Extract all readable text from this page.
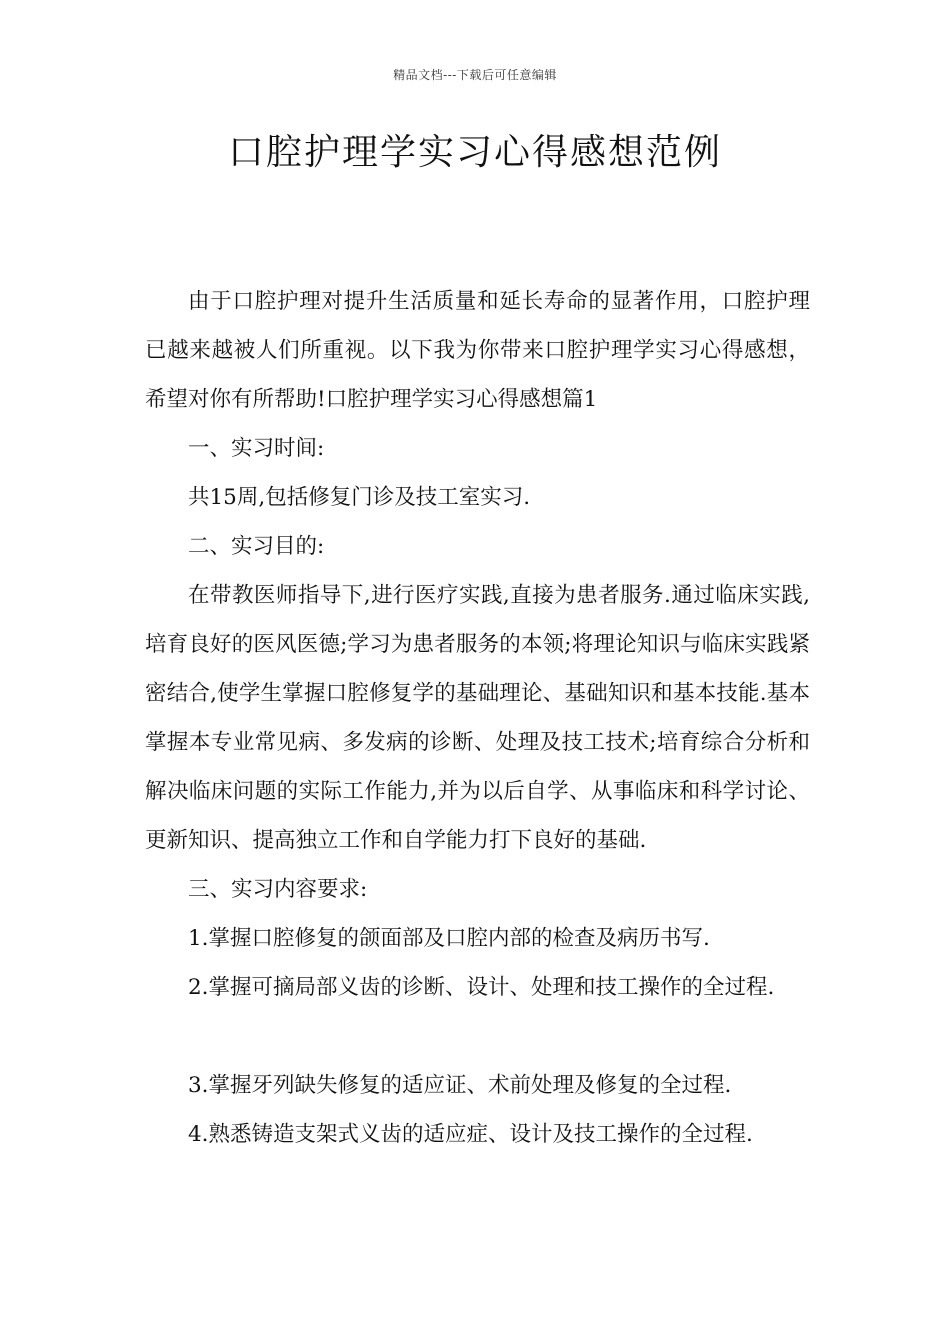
精品文档---下载后可任意编辑
口腔护理学实习心得感想范例

由于口腔护理对提升生活质量和延长寿命的显著作用，口腔护理已越来越被人们所重视。以下我为你带来口腔护理学实习心得感想，希望对你有所帮助!口腔护理学实习心得感想篇1

一、实习时间:

共15周,包括修复门诊及技工室实习.

二、实习目的:

在带教医师指导下,进行医疗实践,直接为患者服务.通过临床实践,培育良好的医风医德;学习为患者服务的本领;将理论知识与临床实践紧密结合,使学生掌握口腔修复学的基础理论、基础知识和基本技能.基本掌握本专业常见病、多发病的诊断、处理及技工技术;培育综合分析和解决临床问题的实际工作能力,并为以后自学、从事临床和科学讨论、更新知识、提高独立工作和自学能力打下良好的基础.

三、实习内容要求:

1.掌握口腔修复的颌面部及口腔内部的检查及病历书写.

2.掌握可摘局部义齿的诊断、设计、处理和技工操作的全过程.

3.掌握牙列缺失修复的适应证、术前处理及修复的全过程.

4.熟悉铸造支架式义齿的适应症、设计及技工操作的全过程.
